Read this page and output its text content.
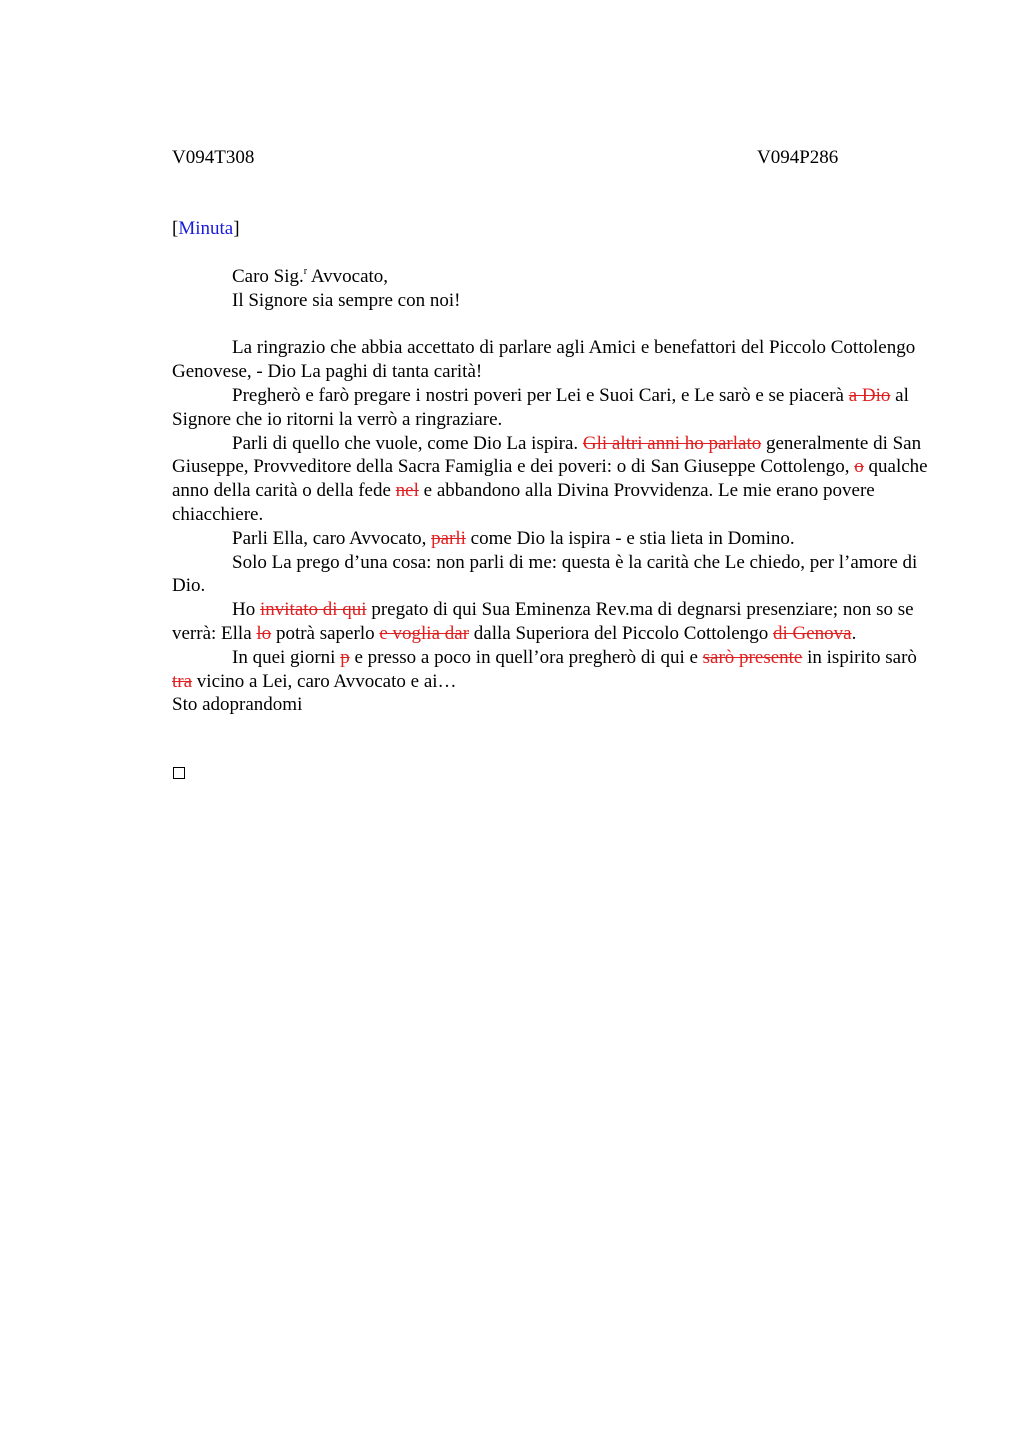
V094T308	V094P286
[Minuta]

Caro Sig.$^r$ Avvocato,

Il Signore sia sempre con noi!

La ringrazio che abbia accettato di parlare agli Amici e benefattori del Piccolo Cottolengo Genovese, - Dio La paghi di tanta carità!

Pregherò e farò pregare i nostri poveri per Lei e Suoi Cari, e Le sarò e se piacerà a Dio al Signore che io ritorni la verrò a ringraziare.

Parli di quello che vuole, come Dio La ispira. Gli altri anni ho parlato generalmente di San Giuseppe, Provveditore della Sacra Famiglia e dei poveri: o di San Giuseppe Cottolengo, o qualche anno della carità o della fede nel e abbandono alla Divina Provvidenza. Le mie erano povere chiacchiere.

Parli Ella, caro Avvocato, parli come Dio la ispira - e stia lieta in Domino.

Solo La prego d’una cosa: non parli di me: questa è la carità che Le chiedo, per l’amore di Dio.

Ho invitato di qui pregato di qui Sua Eminenza Rev.ma di degnarsi presenziare; non so se verrà: Ella lo potrà saperlo e voglia dar dalla Superiora del Piccolo Cottolengo di Genova.

In quei giorni p e presso a poco in quell’ora pregherò di qui e sarò presente in ispirito sarò tra vicino a Lei, caro Avvocato e ai…

Sto adoprandomi
